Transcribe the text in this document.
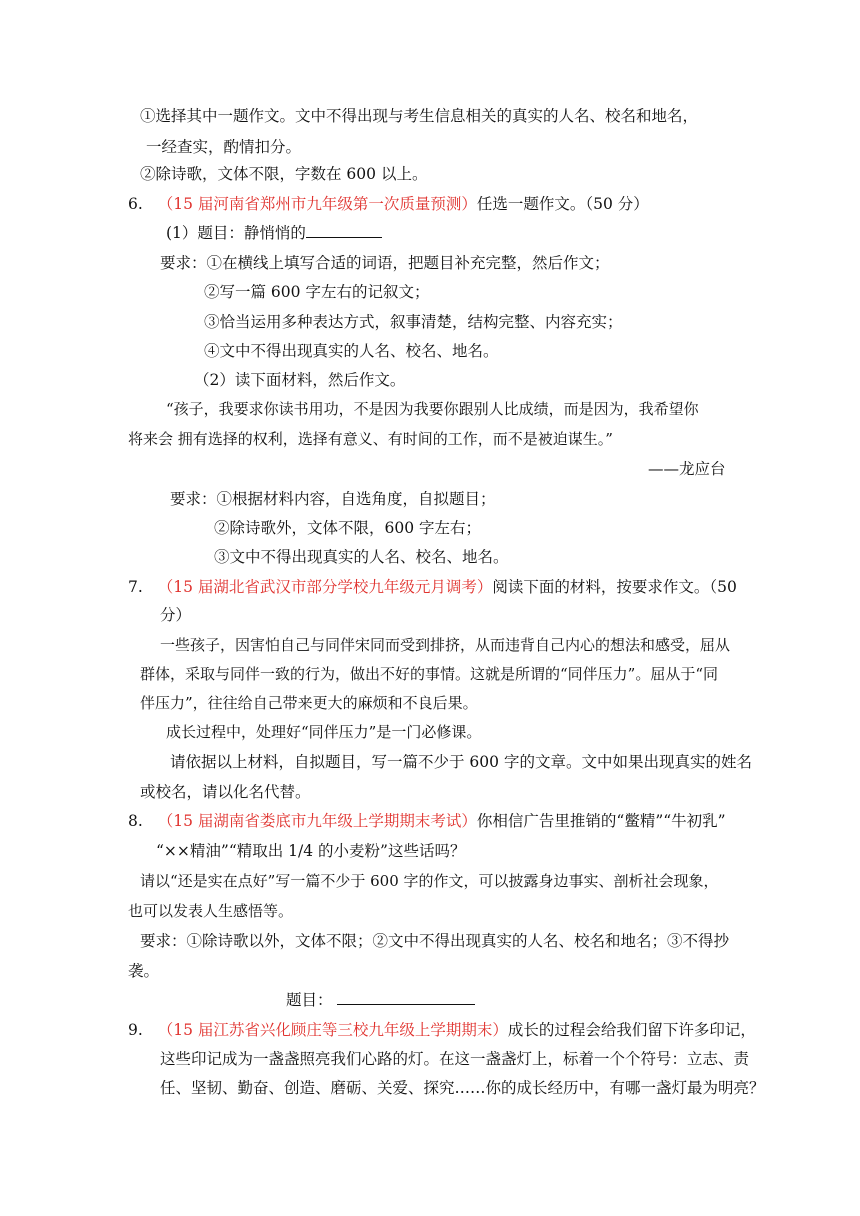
①选择其中一题作文。文中不得出现与考生信息相关的真实的人名、校名和地名，
一经查实，酌情扣分。
②除诗歌，文体不限，字数在 600 以上。
6. （15 届河南省郑州市九年级第一次质量预测）任选一题作文。（50 分）
(1）题目：静悄悄的
要求：①在横线上填写合适的词语，把题目补充完整，然后作文；
②写一篇 600 字左右的记叙文；
③恰当运用多种表达方式，叙事清楚，结构完整、内容充实；
④文中不得出现真实的人名、校名、地名。
（2）读下面材料，然后作文。
“孩子，我要求你读书用功，不是因为我要你跟别人比成绩，而是因为，我希望你
将来会 拥有选择的权利，选择有意义、有时间的工作，而不是被迫谋生。”
——龙应台
要求：①根据材料内容，自选角度，自拟题目；
②除诗歌外，文体不限，600 字左右；
③文中不得出现真实的人名、校名、地名。
7. （15 届湖北省武汉市部分学校九年级元月调考）阅读下面的材料，按要求作文。（50
分）
一些孩子，因害怕自己与同伴宋同而受到排挤，从而违背自己内心的想法和感受，屈从
群体，采取与同伴一致的行为，做出不好的事情。这就是所谓的“同伴压力”。屈从于“同
伴压力”，往往给自己带来更大的麻烦和不良后果。
成长过程中，处理好“同伴压力”是一门必修课。
请依据以上材料，自拟题目，写一篇不少于 600 字的文章。文中如果出现真实的姓名
或校名，请以化名代替。
8. （15 届湖南省娄底市九年级上学期期末考试）你相信广告里推销的“鳖精”“牛初乳”
“××精油”“精取出 1/4 的小麦粉”这些话吗？
请以“还是实在点好”写一篇不少于 600 字的作文，可以披露身边事实、剖析社会现象，
也可以发表人生感悟等。
要求：①除诗歌以外，文体不限；②文中不得出现真实的人名、校名和地名；③不得抄
袭。
题目：
9. （15 届江苏省兴化顾庄等三校九年级上学期期末）成长的过程会给我们留下许多印记，
这些印记成为一盏盏照亮我们心路的灯。在这一盏盏灯上，标着一个个符号：立志、责
任、坚韧、勤奋、创造、磨砺、关爱、探究……你的成长经历中，有哪一盏灯最为明亮？
